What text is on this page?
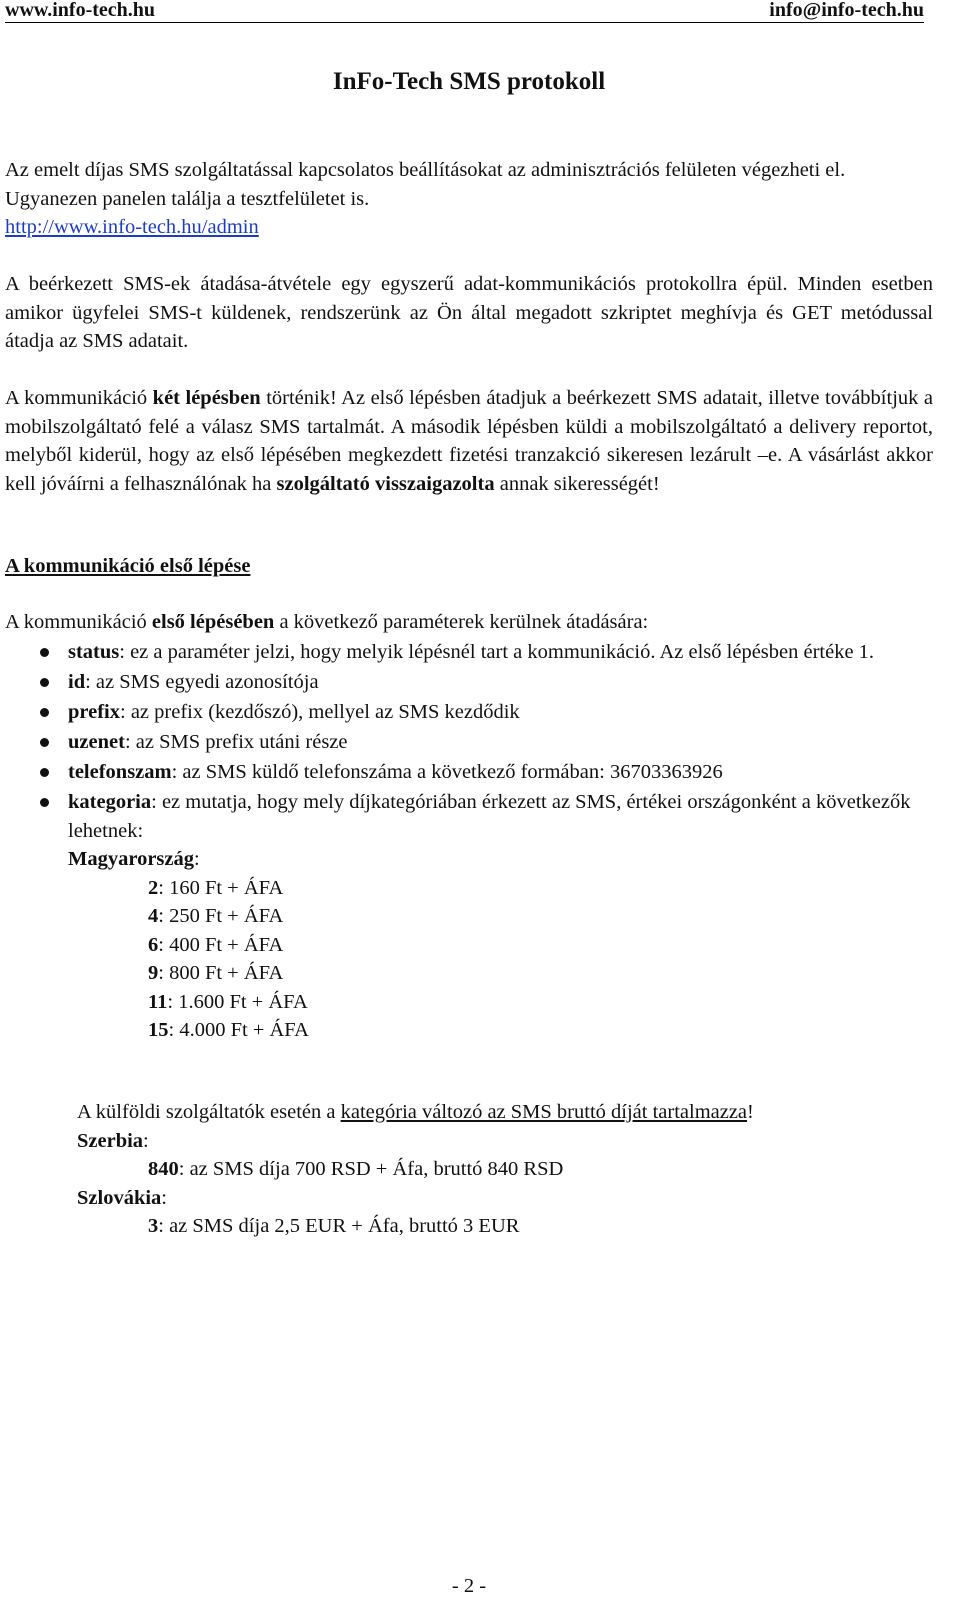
www.info-tech.hu	info@info-tech.hu
InFo-Tech SMS protokoll

Az emelt díjas SMS szolgáltatással kapcsolatos beállításokat az adminisztrációs felületen végezheti el. Ugyanezen panelen találja a tesztfelületet is.
http://www.info-tech.hu/admin

A beérkezett SMS-ek átadása-átvétele egy egyszerű adat-kommunikációs protokollra épül. Minden esetben amikor ügyfelei SMS-t küldenek, rendszerünk az Ön által megadott szkriptet meghívja és GET metódussal átadja az SMS adatait.

A kommunikáció két lépésben történik! Az első lépésben átadjuk a beérkezett SMS adatait, illetve továbbítjuk a mobilszolgáltató felé a válasz SMS tartalmát. A második lépésben küldi a mobilszolgáltató a delivery reportot, melyből kiderül, hogy az első lépésében megkezdett fizetési tranzakció sikeresen lezárult –e. A vásárlást akkor kell jóváírni a felhasználónak ha szolgáltató visszaigazolta annak sikerességét!

A kommunikáció első lépése

A kommunikáció első lépésében a következő paraméterek kerülnek átadására:

status: ez a paraméter jelzi, hogy melyik lépésnél tart a kommunikáció. Az első lépésben értéke 1.
id: az SMS egyedi azonosítója
prefix: az prefix (kezdőszó), mellyel az SMS kezdődik
uzenet: az SMS prefix utáni része
telefonszam: az SMS küldő telefonszáma a következő formában: 36703363926
kategoria: ez mutatja, hogy mely díjkategóriában érkezett az SMS, értékei országonként a következők lehetnek:
Magyarország:
2: 160 Ft + ÁFA
4: 250 Ft + ÁFA
6: 400 Ft + ÁFA
9: 800 Ft + ÁFA
11: 1.600 Ft + ÁFA
15: 4.000 Ft + ÁFA
A külföldi szolgáltatók esetén a kategória változó az SMS bruttó díját tartalmazza!
Szerbia:
840: az SMS díja 700 RSD + Áfa, bruttó 840 RSD
Szlovákia:
3: az SMS díja 2,5 EUR + Áfa, bruttó 3 EUR
- 2 -
